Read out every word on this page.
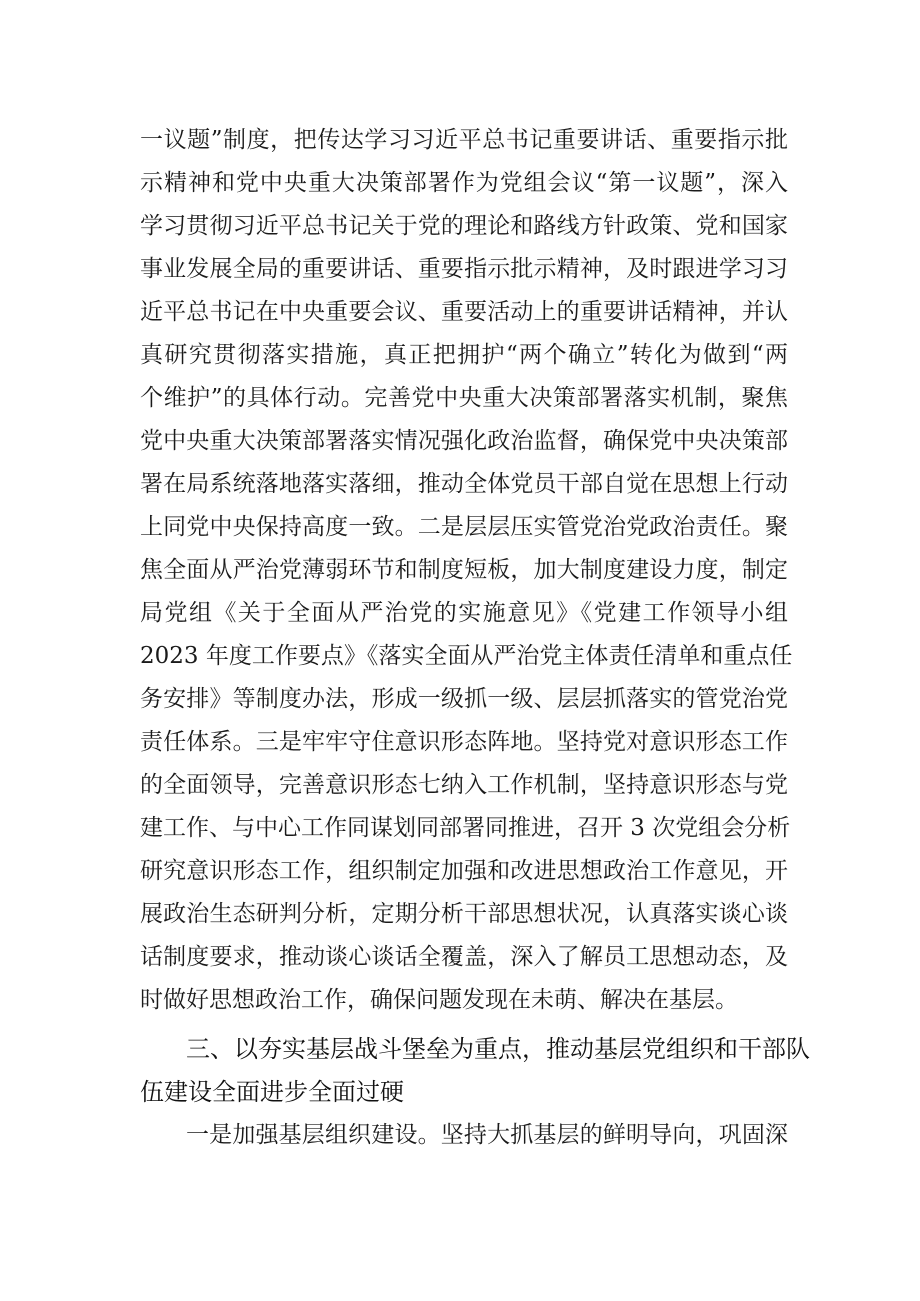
一议题”制度，把传达学习习近平总书记重要讲话、重要指示批
示精神和党中央重大决策部署作为党组会议“第一议题”，深入
学习贯彻习近平总书记关于党的理论和路线方针政策、党和国家
事业发展全局的重要讲话、重要指示批示精神，及时跟进学习习
近平总书记在中央重要会议、重要活动上的重要讲话精神，并认
真研究贯彻落实措施，真正把拥护“两个确立”转化为做到“两
个维护”的具体行动。完善党中央重大决策部署落实机制，聚焦
党中央重大决策部署落实情况强化政治监督，确保党中央决策部
署在局系统落地落实落细，推动全体党员干部自觉在思想上行动
上同党中央保持高度一致。二是层层压实管党治党政治责任。聚
焦全面从严治党薄弱环节和制度短板，加大制度建设力度，制定
局党组《关于全面从严治党的实施意见》《党建工作领导小组
2023 年度工作要点》《落实全面从严治党主体责任清单和重点任
务安排》等制度办法，形成一级抓一级、层层抓落实的管党治党
责任体系。三是牢牢守住意识形态阵地。坚持党对意识形态工作
的全面领导，完善意识形态七纳入工作机制，坚持意识形态与党
建工作、与中心工作同谋划同部署同推进，召开 3 次党组会分析
研究意识形态工作，组织制定加强和改进思想政治工作意见，开
展政治生态研判分析，定期分析干部思想状况，认真落实谈心谈
话制度要求，推动谈心谈话全覆盖，深入了解员工思想动态，及
时做好思想政治工作，确保问题发现在未萌、解决在基层。
三、以夯实基层战斗堡垒为重点，推动基层党组织和干部队
伍建设全面进步全面过硬
一是加强基层组织建设。坚持大抓基层的鲜明导向，巩固深
